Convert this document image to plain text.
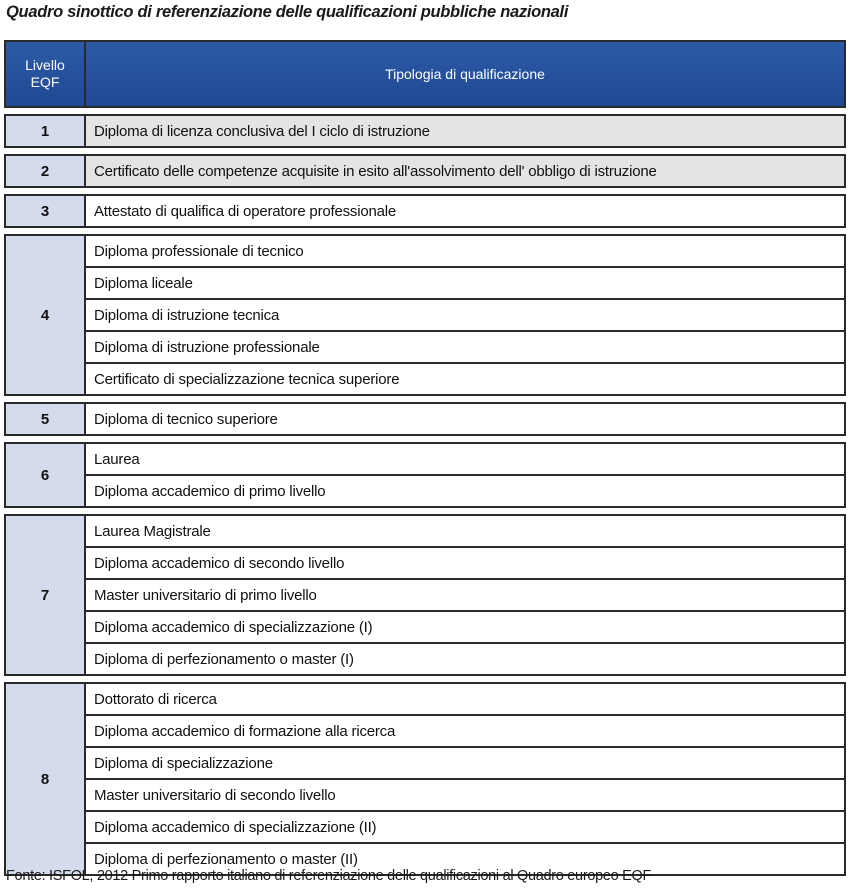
Quadro sinottico di referenziazione delle qualificazioni pubbliche nazionali
Livello
EQF	Tipologia di qualificazione

1	Diploma di licenza conclusiva del I ciclo di istruzione

2	Certificato delle competenze acquisite in esito all'assolvimento dell' obbligo di istruzione

3	Attestato di qualifica di operatore professionale

4	Diploma professionale di tecnico
	Diploma liceale
	Diploma di istruzione tecnica
	Diploma di istruzione professionale
	Certificato di specializzazione tecnica superiore

5	Diploma di tecnico superiore

6	Laurea
	Diploma accademico di primo livello

7	Laurea Magistrale
	Diploma accademico di secondo livello
	Master universitario di primo livello
	Diploma accademico di specializzazione (I)
	Diploma di perfezionamento o master (I)

8	Dottorato di ricerca
	Diploma accademico di formazione alla ricerca
	Diploma di specializzazione
	Master universitario di secondo livello
	Diploma accademico di specializzazione (II)
	Diploma di perfezionamento o master (II)
Fonte: ISFOL, 2012 Primo rapporto italiano di referenziazione delle qualificazioni al Quadro europeo EQF
